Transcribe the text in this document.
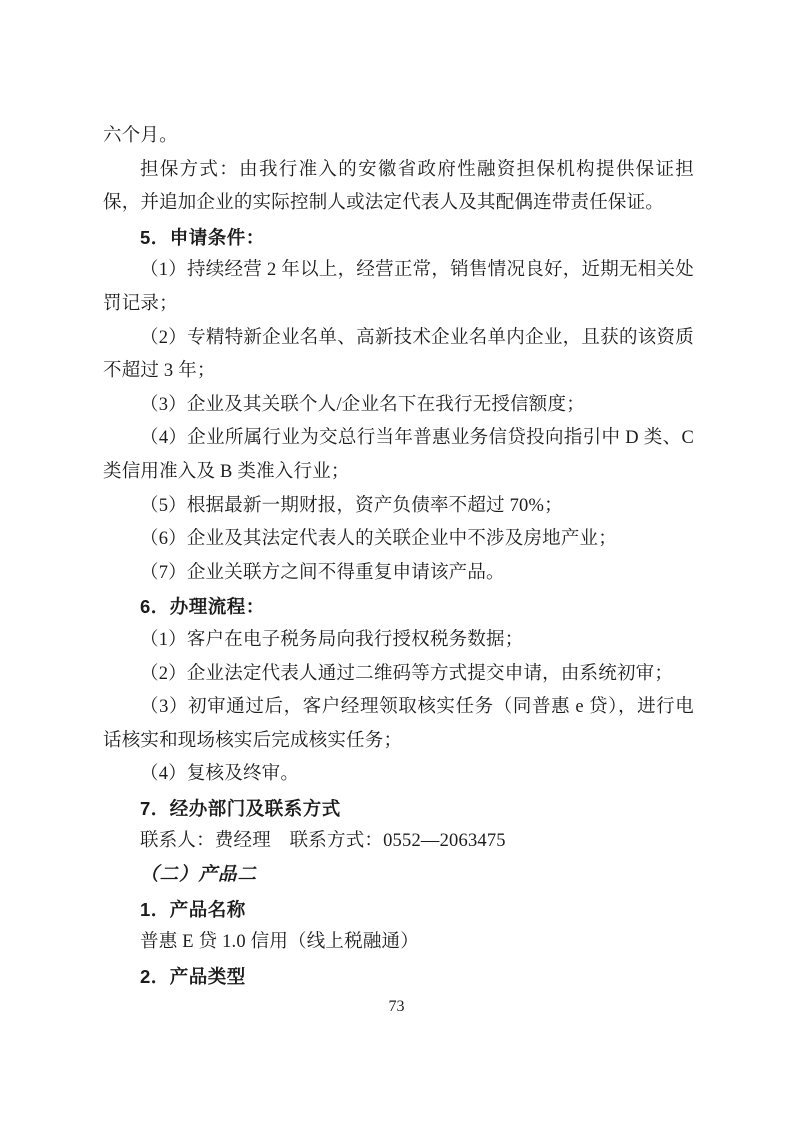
六个月。

担保方式：由我行准入的安徽省政府性融资担保机构提供保证担保，并追加企业的实际控制人或法定代表人及其配偶连带责任保证。

5．申请条件：

（1）持续经营 2 年以上，经营正常，销售情况良好，近期无相关处罚记录；

（2）专精特新企业名单、高新技术企业名单内企业，且获的该资质不超过 3 年；

（3）企业及其关联个人/企业名下在我行无授信额度；

（4）企业所属行业为交总行当年普惠业务信贷投向指引中 D 类、C 类信用准入及 B 类准入行业；

（5）根据最新一期财报，资产负债率不超过 70%；

（6）企业及其法定代表人的关联企业中不涉及房地产业；

（7）企业关联方之间不得重复申请该产品。

6．办理流程：

（1）客户在电子税务局向我行授权税务数据；

（2）企业法定代表人通过二维码等方式提交申请，由系统初审；

（3）初审通过后，客户经理领取核实任务（同普惠 e 贷），进行电话核实和现场核实后完成核实任务；

（4）复核及终审。

7．经办部门及联系方式

联系人：费经理　联系方式：0552—2063475

（二）产品二

1．产品名称

普惠 E 贷 1.0 信用（线上税融通）

2．产品类型

73
